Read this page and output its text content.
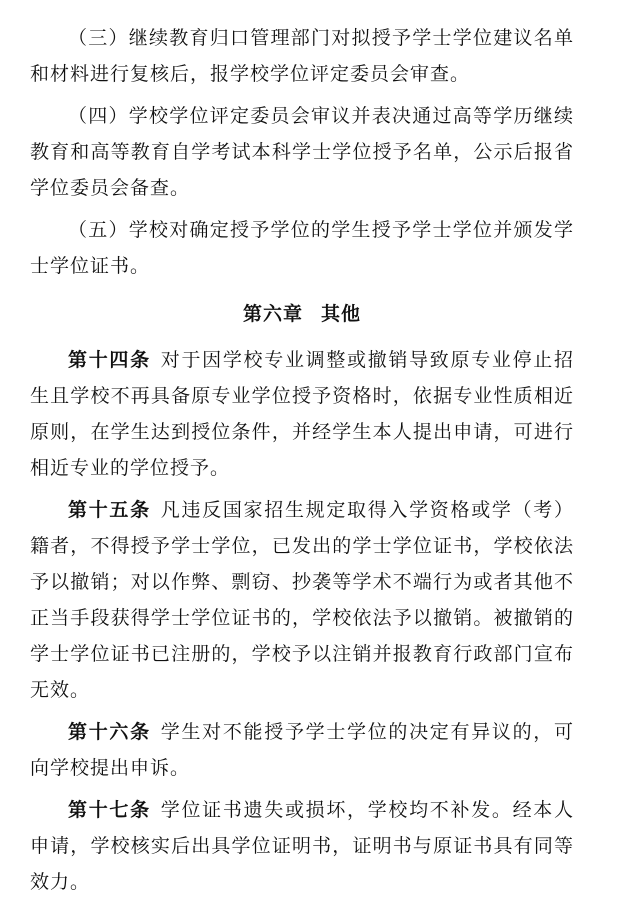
（三）继续教育归口管理部门对拟授予学士学位建议名单和材料进行复核后，报学校学位评定委员会审查。

（四）学校学位评定委员会审议并表决通过高等学历继续教育和高等教育自学考试本科学士学位授予名单，公示后报省学位委员会备查。

（五）学校对确定授予学位的学生授予学士学位并颁发学士学位证书。

第六章 其他

第十四条 对于因学校专业调整或撤销导致原专业停止招生且学校不再具备原专业学位授予资格时，依据专业性质相近原则，在学生达到授位条件，并经学生本人提出申请，可进行相近专业的学位授予。

第十五条 凡违反国家招生规定取得入学资格或学（考）籍者，不得授予学士学位，已发出的学士学位证书，学校依法予以撤销；对以作弊、剽窃、抄袭等学术不端行为或者其他不正当手段获得学士学位证书的，学校依法予以撤销。被撤销的学士学位证书已注册的，学校予以注销并报教育行政部门宣布无效。

第十六条 学生对不能授予学士学位的决定有异议的，可向学校提出申诉。

第十七条 学位证书遗失或损坏，学校均不补发。经本人申请，学校核实后出具学位证明书，证明书与原证书具有同等效力。
